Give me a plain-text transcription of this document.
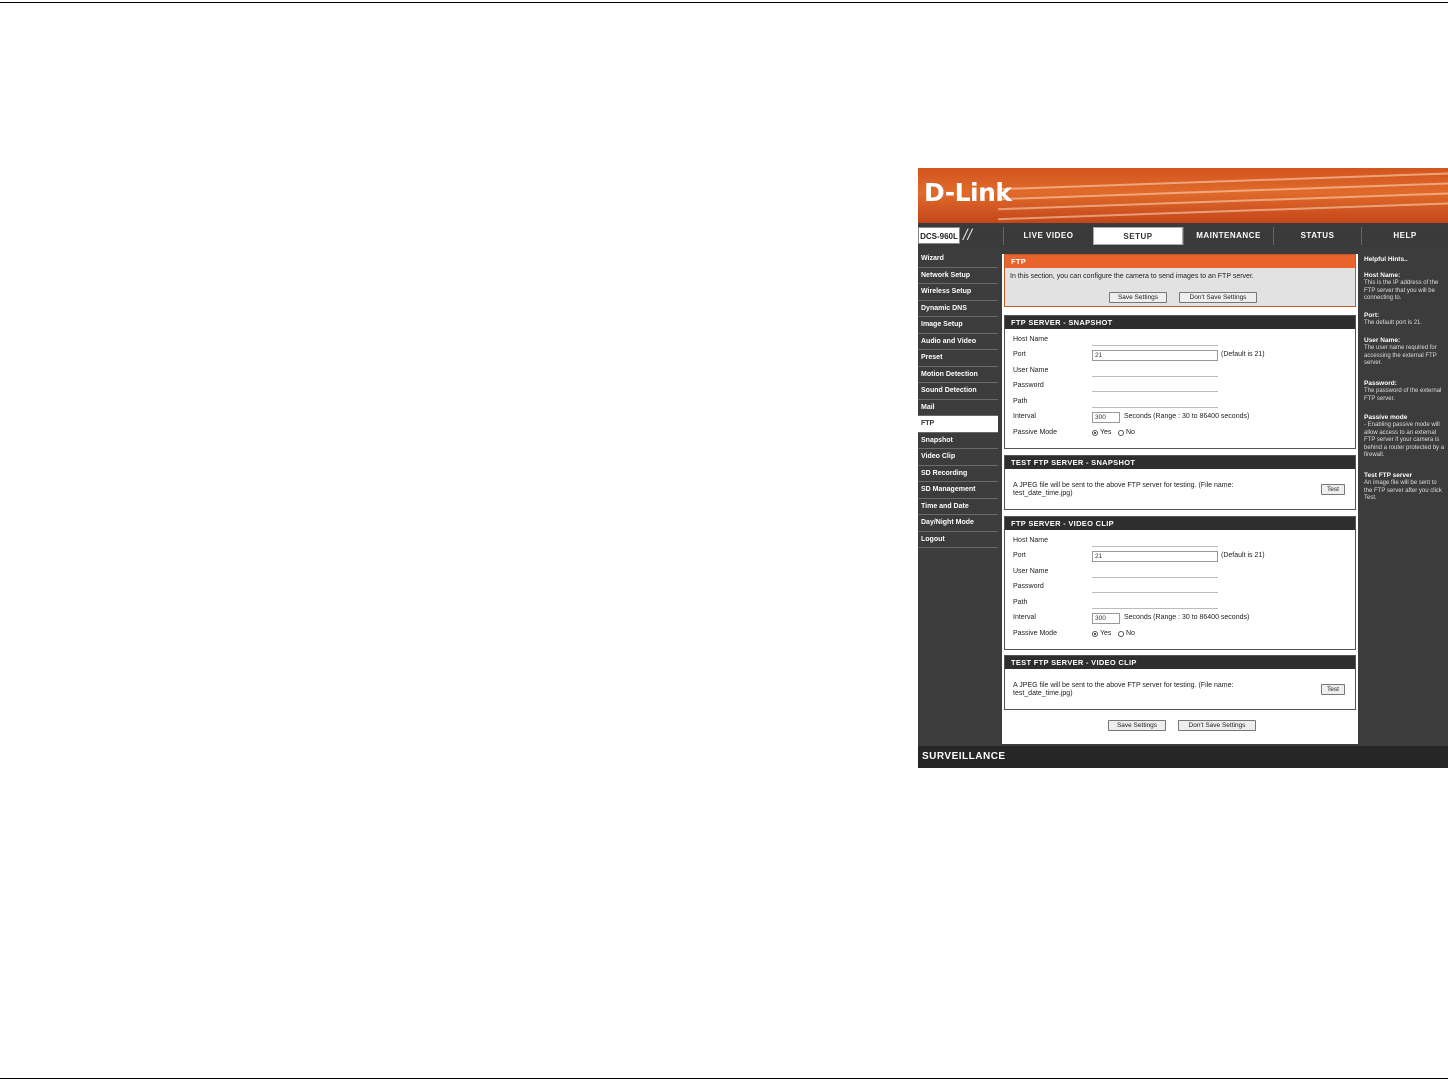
D-Link
DCS-960L //	LIVE VIDEO	SETUP	MAINTENANCE	STATUS	HELP
Wizard
Network Setup
Wireless Setup
Dynamic DNS
Image Setup
Audio and Video
Preset
Motion Detection
Sound Detection
Mail
FTP
Snapshot
Video Clip
SD Recording
SD Management
Time and Date
Day/Night Mode
Logout
FTP
In this section, you can configure the camera to send images to an FTP server.
Save Settings	Don't Save Settings
FTP SERVER - SNAPSHOT
Host Name
Port	21	(Default is 21)
User Name
Password
Path
Interval	300	Seconds (Range : 30 to 86400 seconds)
Passive Mode	Yes No
TEST FTP SERVER - SNAPSHOT
A JPEG file will be sent to the above FTP server for testing. (File name:
test_date_time.jpg)
Test
FTP SERVER - VIDEO CLIP
Host Name
Port	21	(Default is 21)
User Name
Password
Path
Interval	300	Seconds (Range : 30 to 86400 seconds)
Passive Mode	Yes No
TEST FTP SERVER - VIDEO CLIP
A JPEG file will be sent to the above FTP server for testing. (File name:
test_date_time.jpg)
Test
Save Settings	Don't Save Settings
Helpful Hints..
Host Name:
This is the IP address of the FTP server that you will be connecting to.
Port:
The default port is 21.
User Name:
The user name required for accessing the external FTP server.
Password:
The password of the external FTP server.
Passive mode
- Enabling passive mode will allow access to an external FTP server if your camera is behind a router protected by a firewall.
Test FTP server
An image file will be sent to the FTP server after you click Test.
SURVEILLANCE
